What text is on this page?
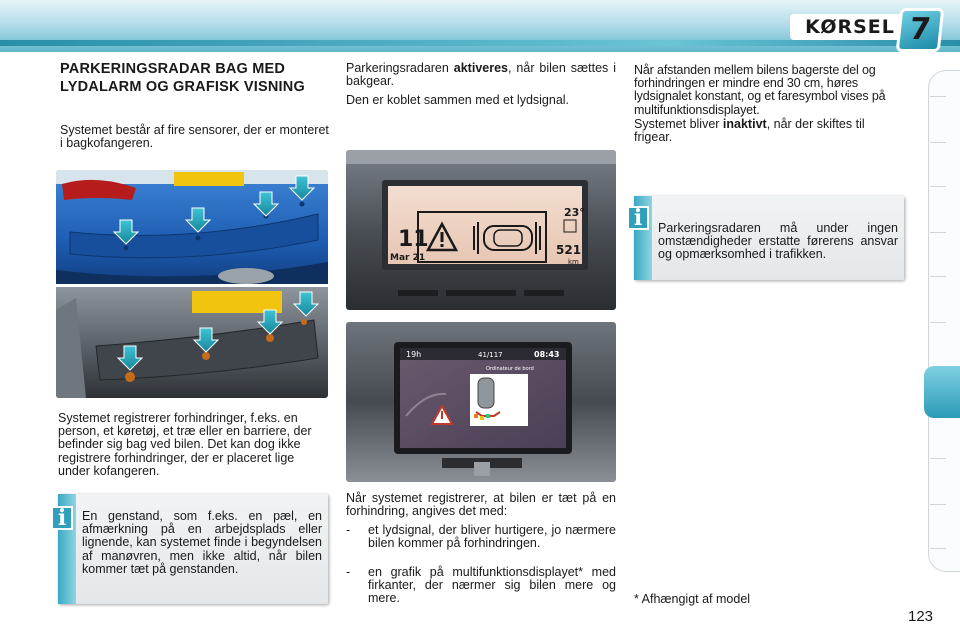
KØRSEL 7
PARKERINGSRADAR BAG MED LYDALARM OG GRAFISK VISNING
Systemet består af fire sensorer, der er monteret i bagkofangeren.
Systemet registrerer forhindringer, f.eks. en person, et køretøj, et træ eller en barriere, der befinder sig bag ved bilen. Det kan dog ikke registrere forhindringer, der er placeret lige under kofangeren.
i	En genstand, som f.eks. en pæl, en afmærkning på en arbejdsplads eller lignende, kan systemet finde i begyndelsen af manøvren, men ikke altid, når bilen kommer tæt på genstanden.
Parkeringsradaren aktiveres, når bilen sættes i bakgear.
Den er koblet sammen med et lydsignal.
11
Mar 21
23°
521
km
19h	41/117	08:43
Ordinateur de bord
Når systemet registrerer, at bilen er tæt på en forhindring, angives det med:
- et lydsignal, der bliver hurtigere, jo nærmere bilen kommer på forhindringen.
- en grafik på multifunktionsdisplayet* med firkanter, der nærmer sig bilen mere og mere.
Når afstanden mellem bilens bagerste del og forhindringen er mindre end 30 cm, høres lydsignalet konstant, og et faresymbol vises på multifunktionsdisplayet.
Systemet bliver inaktivt, når der skiftes til frigear.
i	Parkeringsradaren må under ingen omstændigheder erstatte førerens ansvar og opmærksomhed i trafikken.
* Afhængigt af model
123
